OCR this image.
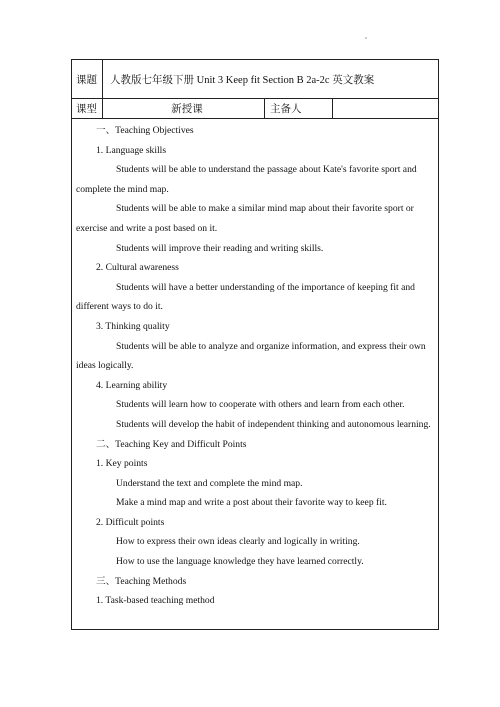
课题 人教版七年级下册 Unit 3 Keep fit Section B 2a-2c 英文教案
课型	新授课	主备人

一、Teaching Objectives

1. Language skills

Students will be able to understand the passage about Kate's favorite sport and complete the mind map.

Students will be able to make a similar mind map about their favorite sport or exercise and write a post based on it.

Students will improve their reading and writing skills.

2. Cultural awareness

Students will have a better understanding of the importance of keeping fit and different ways to do it.

3. Thinking quality

Students will be able to analyze and organize information, and express their own ideas logically.

4. Learning ability

Students will learn how to cooperate with others and learn from each other.

Students will develop the habit of independent thinking and autonomous learning.

二、Teaching Key and Difficult Points

1. Key points

Understand the text and complete the mind map.

Make a mind map and write a post about their favorite way to keep fit.

2. Difficult points

How to express their own ideas clearly and logically in writing.

How to use the language knowledge they have learned correctly.

三、Teaching Methods

1. Task-based teaching method
